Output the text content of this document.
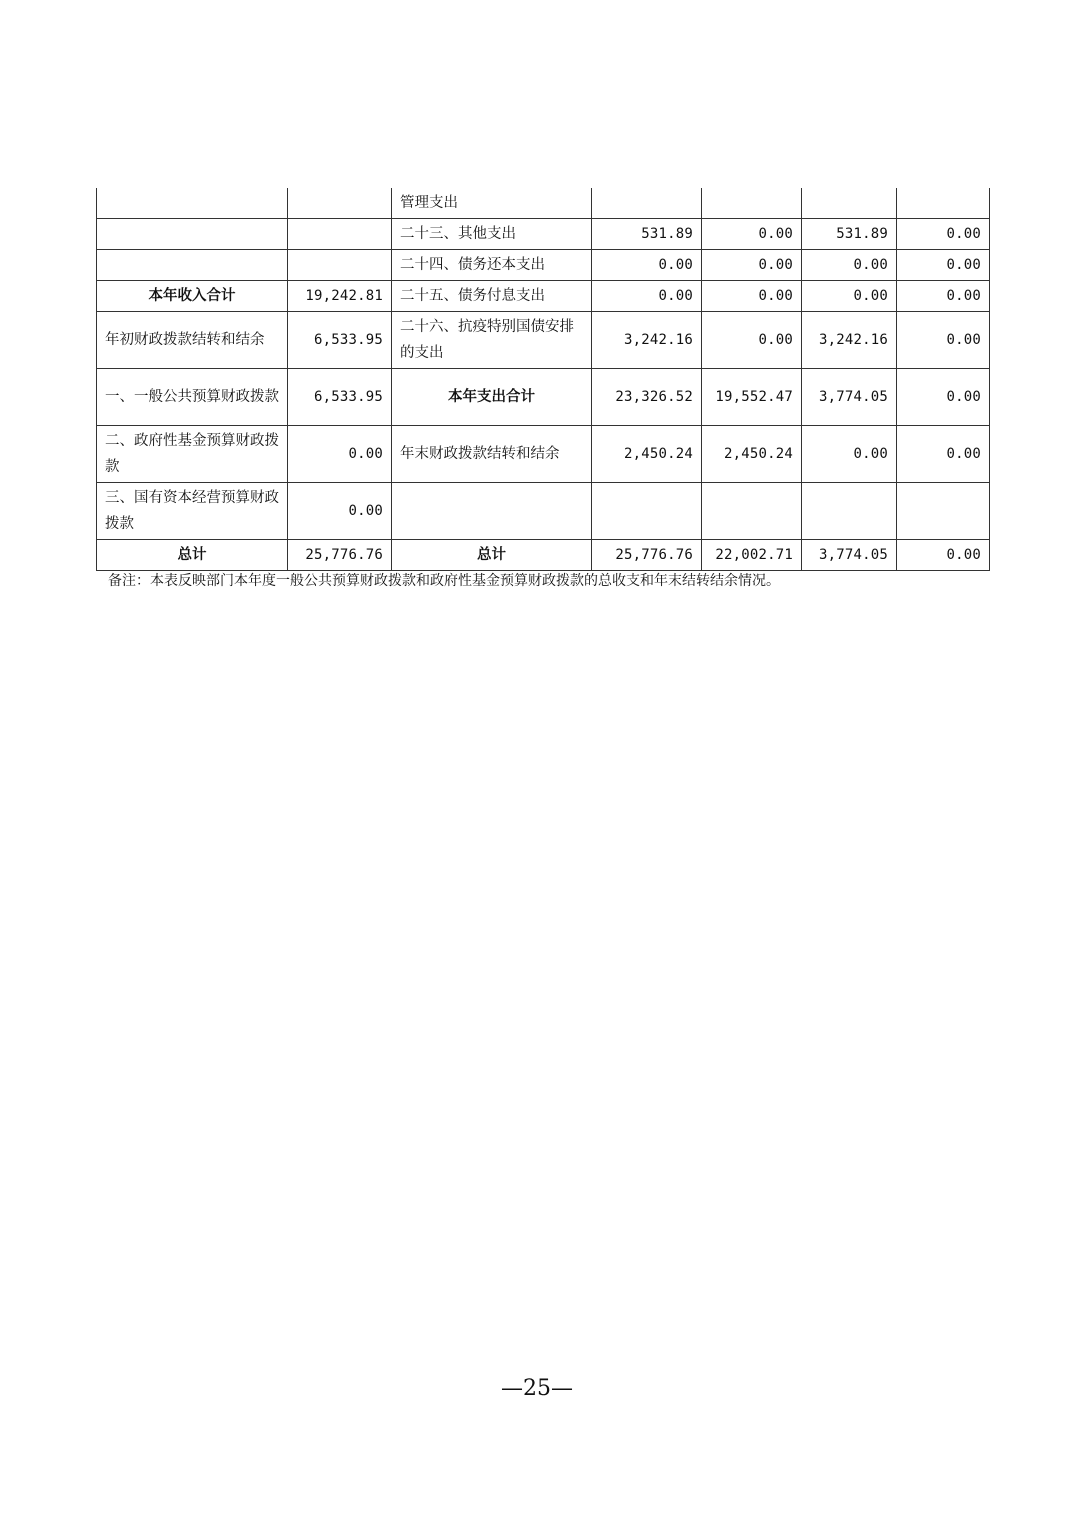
		管理支出				
		二十三、其他支出	531.89	0.00	531.89	0.00
		二十四、债务还本支出	0.00	0.00	0.00	0.00
本年收入合计	19,242.81	二十五、债务付息支出	0.00	0.00	0.00	0.00
年初财政拨款结转和结余	6,533.95	二十六、抗疫特别国债安排的支出	3,242.16	0.00	3,242.16	0.00
一、一般公共预算财政拨款	6,533.95	本年支出合计	23,326.52	19,552.47	3,774.05	0.00
二、政府性基金预算财政拨款	0.00	年末财政拨款结转和结余	2,450.24	2,450.24	0.00	0.00
三、国有资本经营预算财政拨款	0.00					
总计	25,776.76	总计	25,776.76	22,002.71	3,774.05	0.00
备注：本表反映部门本年度一般公共预算财政拨款和政府性基金预算财政拨款的总收支和年末结转结余情况。
—25—
